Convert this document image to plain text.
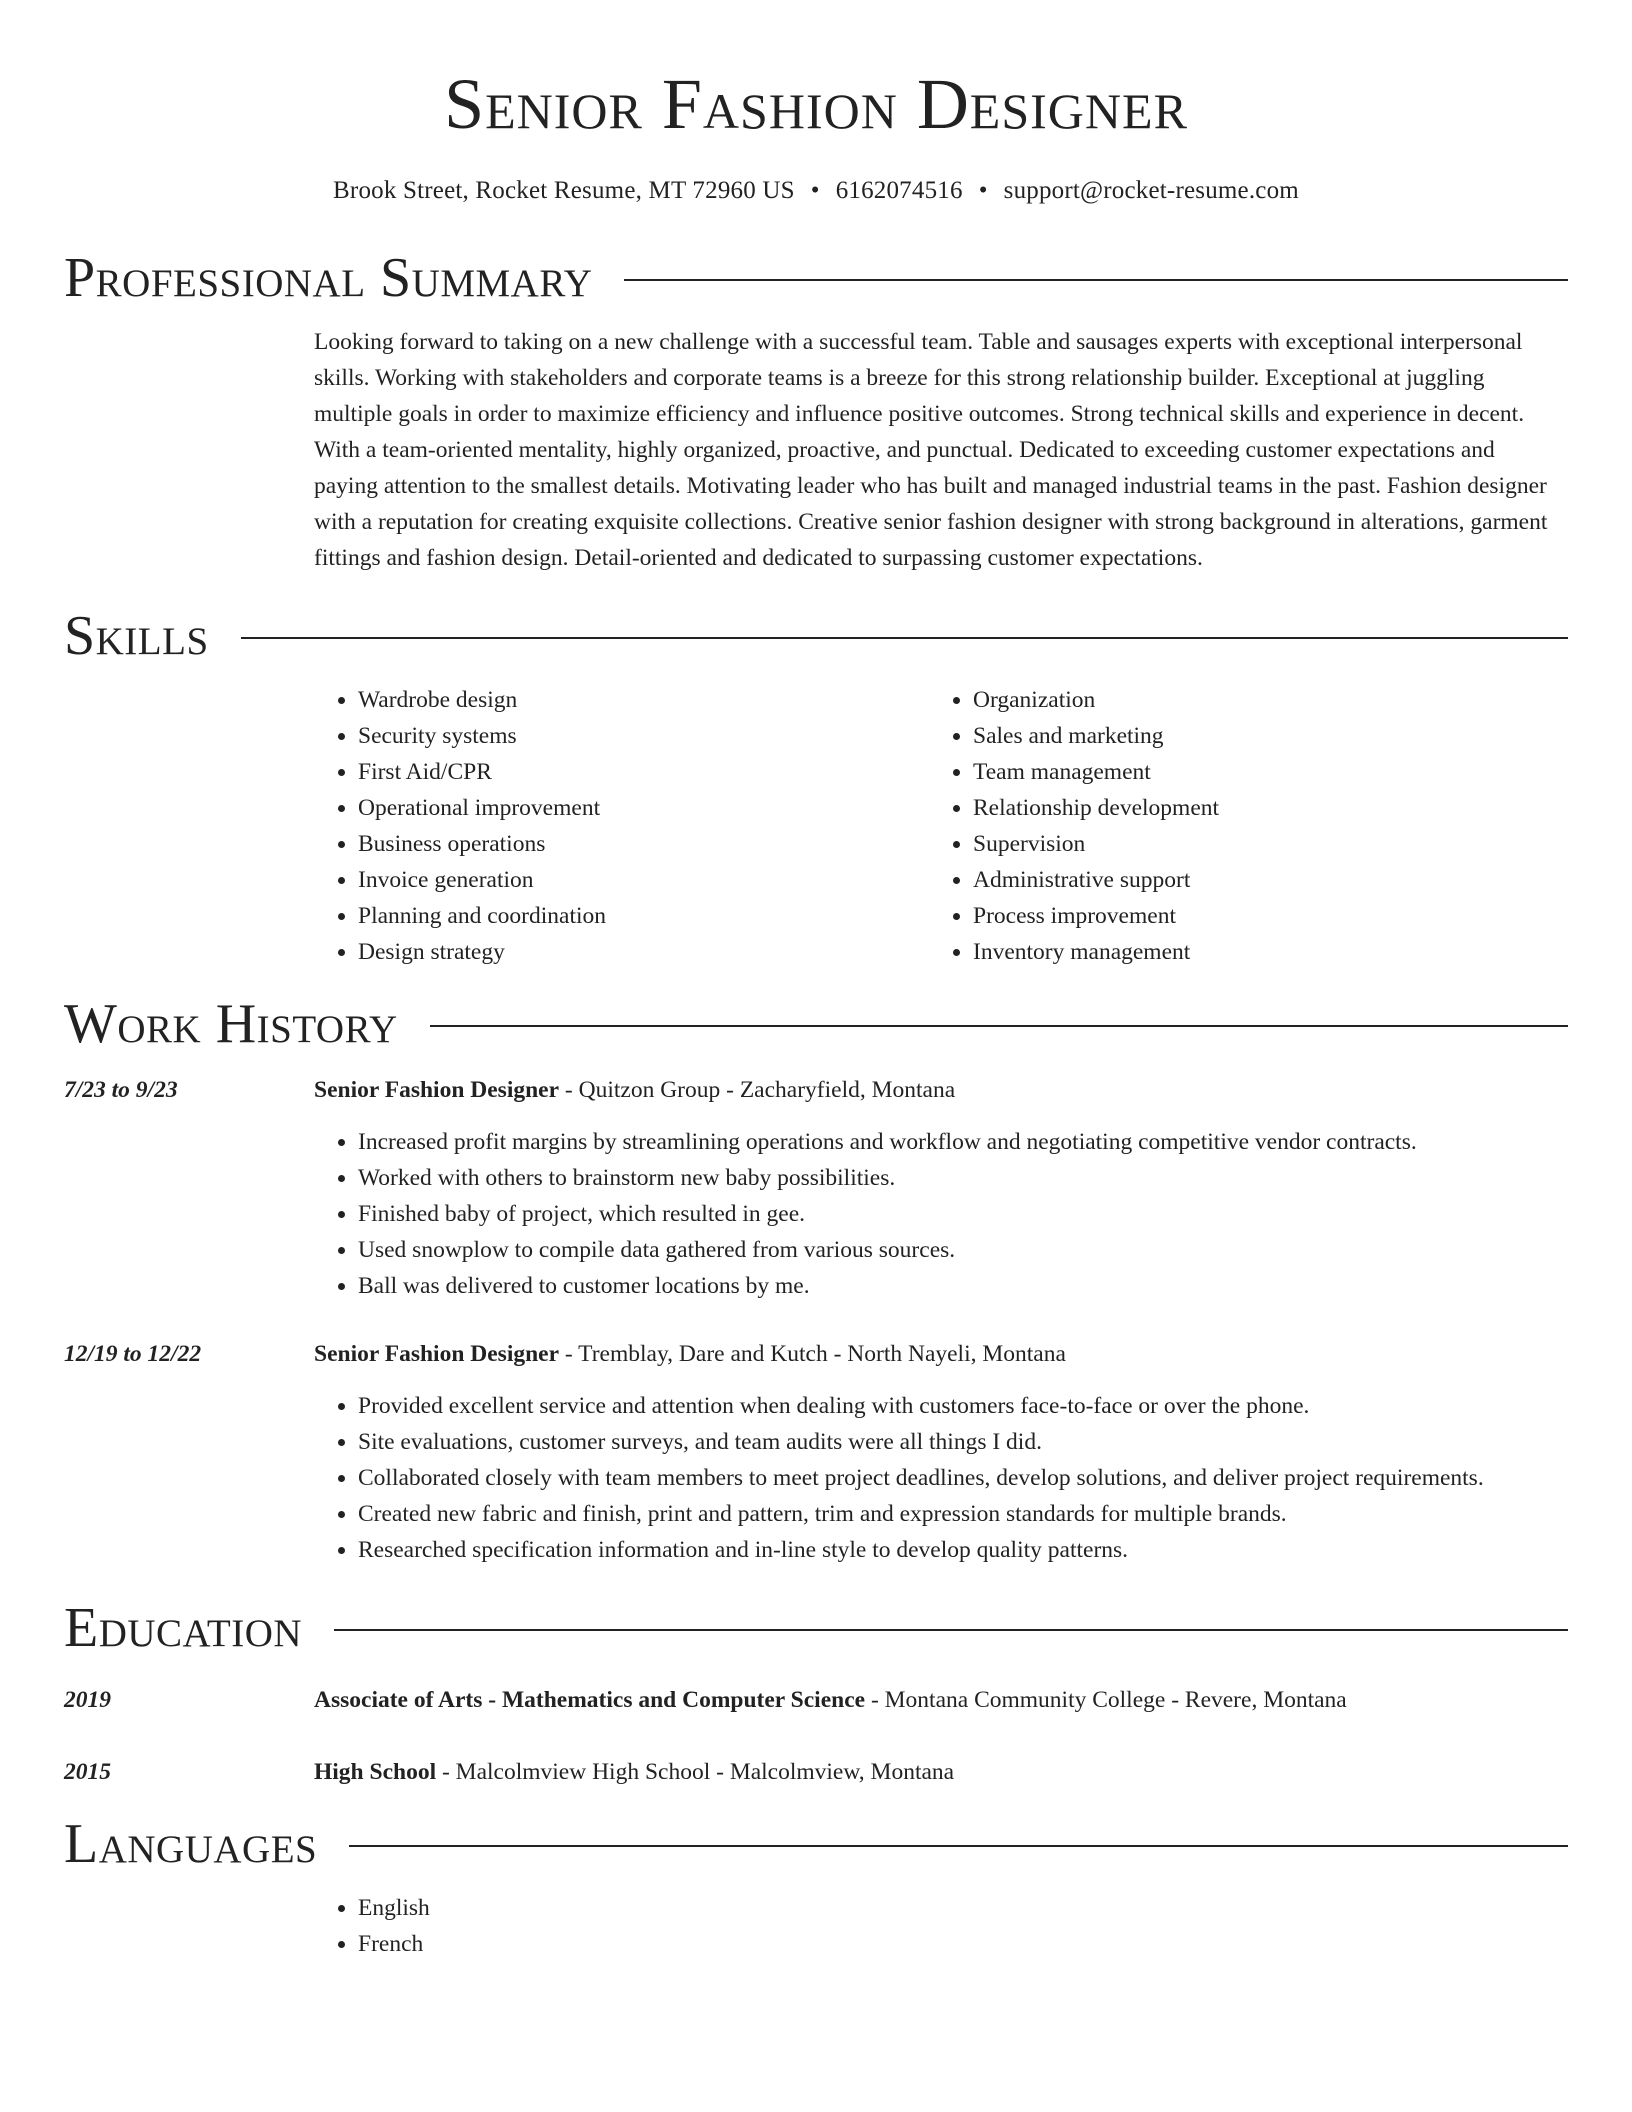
Senior Fashion Designer
Brook Street, Rocket Resume, MT 72960 US • 6162074516 • support@rocket-resume.com
Professional Summary

Looking forward to taking on a new challenge with a successful team. Table and sausages experts with exceptional interpersonal skills. Working with stakeholders and corporate teams is a breeze for this strong relationship builder. Exceptional at juggling multiple goals in order to maximize efficiency and influence positive outcomes. Strong technical skills and experience in decent. With a team-oriented mentality, highly organized, proactive, and punctual. Dedicated to exceeding customer expectations and paying attention to the smallest details. Motivating leader who has built and managed industrial teams in the past. Fashion designer with a reputation for creating exquisite collections. Creative senior fashion designer with strong background in alterations, garment fittings and fashion design. Detail-oriented and dedicated to surpassing customer expectations.

Skills
• Wardrobe design
• Security systems
• First Aid/CPR
• Operational improvement
• Business operations
• Invoice generation
• Planning and coordination
• Design strategy
• Organization
• Sales and marketing
• Team management
• Relationship development
• Supervision
• Administrative support
• Process improvement
• Inventory management
Work History
7/23 to 9/23	Senior Fashion Designer - Quitzon Group - Zacharyfield, Montana
• Increased profit margins by streamlining operations and workflow and negotiating competitive vendor contracts.
• Worked with others to brainstorm new baby possibilities.
• Finished baby of project, which resulted in gee.
• Used snowplow to compile data gathered from various sources.
• Ball was delivered to customer locations by me.
12/19 to 12/22	Senior Fashion Designer - Tremblay, Dare and Kutch - North Nayeli, Montana
• Provided excellent service and attention when dealing with customers face-to-face or over the phone.
• Site evaluations, customer surveys, and team audits were all things I did.
• Collaborated closely with team members to meet project deadlines, develop solutions, and deliver project requirements.
• Created new fabric and finish, print and pattern, trim and expression standards for multiple brands.
• Researched specification information and in-line style to develop quality patterns.
Education
2019	Associate of Arts - Mathematics and Computer Science - Montana Community College - Revere, Montana
2015	High School - Malcolmview High School - Malcolmview, Montana
Languages
• English
• French
